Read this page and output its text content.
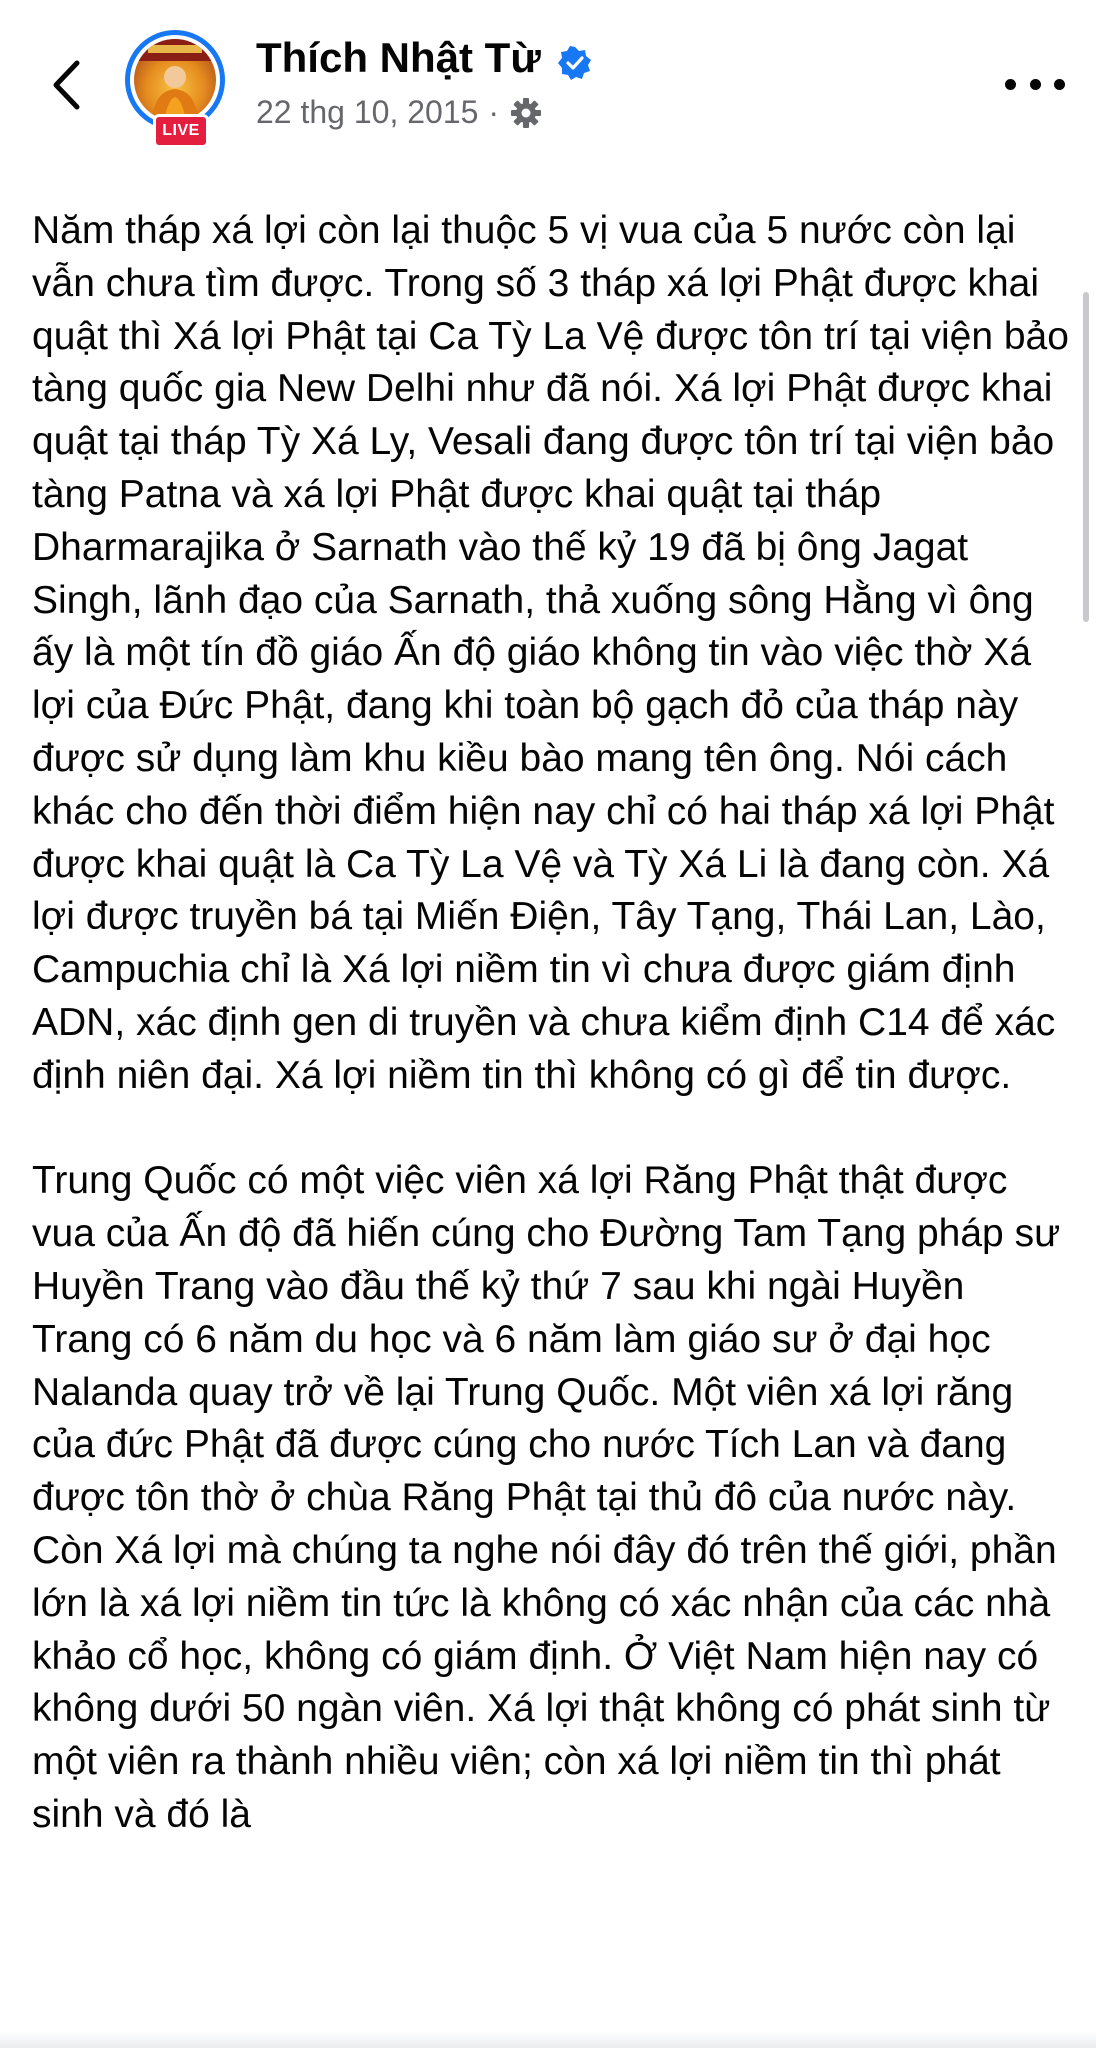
LIVE
Thích Nhật Từ
22 thg 10, 2015 ·

Năm tháp xá lợi còn lại thuộc 5 vị vua của 5 nước còn lại vẫn chưa tìm được. Trong số 3 tháp xá lợi Phật được khai quật thì Xá lợi Phật tại Ca Tỳ La Vệ được tôn trí tại viện bảo tàng quốc gia New Delhi như đã nói. Xá lợi Phật được khai quật tại tháp Tỳ Xá Ly, Vesali đang được tôn trí tại viện bảo tàng Patna và xá lợi Phật được khai quật tại tháp Dharmarajika ở Sarnath vào thế kỷ 19 đã bị ông Jagat Singh, lãnh đạo của Sarnath, thả xuống sông Hằng vì ông ấy là một tín đồ giáo Ấn độ giáo không tin vào việc thờ Xá lợi của Đức Phật, đang khi toàn bộ gạch đỏ của tháp này được sử dụng làm khu kiều bào mang tên ông. Nói cách khác cho đến thời điểm hiện nay chỉ có hai tháp xá lợi Phật được khai quật là Ca Tỳ La Vệ và Tỳ Xá Li là đang còn. Xá lợi được truyền bá tại Miến Điện, Tây Tạng, Thái Lan, Lào, Campuchia chỉ là Xá lợi niềm tin vì chưa được giám định ADN, xác định gen di truyền và chưa kiểm định C14 để xác định niên đại. Xá lợi niềm tin thì không có gì để tin được.

Trung Quốc có một việc viên xá lợi Răng Phật thật được vua của Ấn độ đã hiến cúng cho Đường Tam Tạng pháp sư Huyền Trang vào đầu thế kỷ thứ 7 sau khi ngài Huyền Trang có 6 năm du học và 6 năm làm giáo sư ở đại học Nalanda quay trở về lại Trung Quốc. Một viên xá lợi răng của đức Phật đã được cúng cho nước Tích Lan và đang được tôn thờ ở chùa Răng Phật tại thủ đô của nước này. Còn Xá lợi mà chúng ta nghe nói đây đó trên thế giới, phần lớn là xá lợi niềm tin tức là không có xác nhận của các nhà khảo cổ học, không có giám định. Ở Việt Nam hiện nay có không dưới 50 ngàn viên. Xá lợi thật không có phát sinh từ một viên ra thành nhiều viên; còn xá lợi niềm tin thì phát sinh và đó là
